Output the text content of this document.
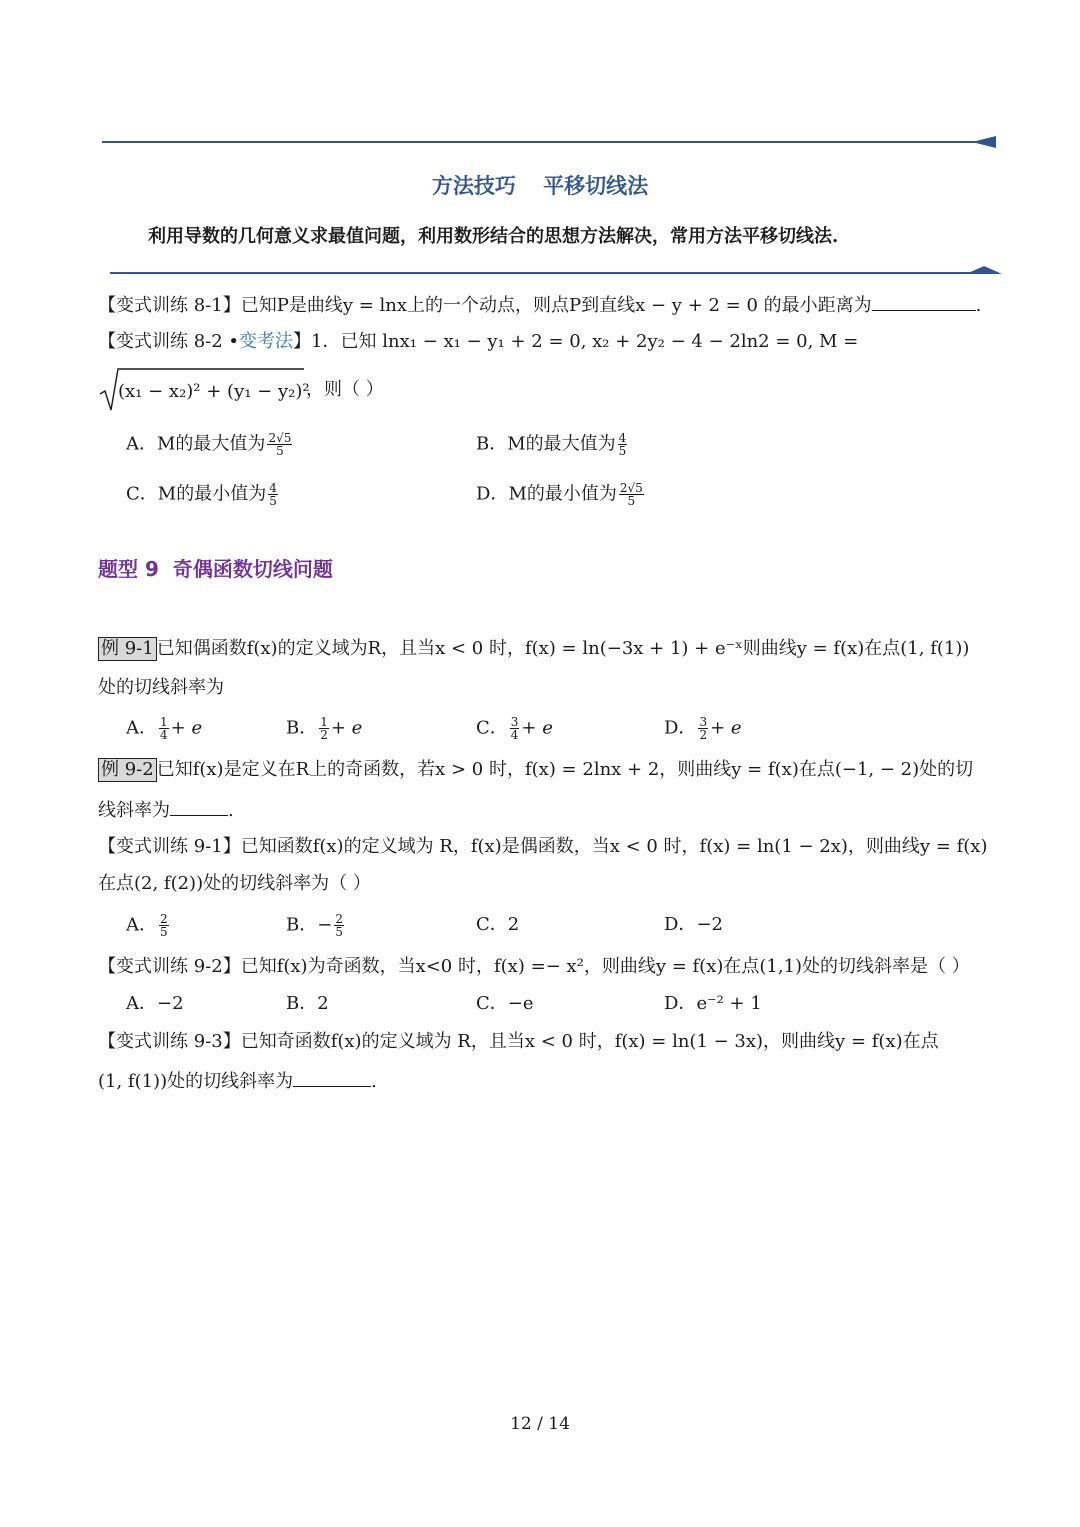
方法技巧 平移切线法
利用导数的几何意义求最值问题，利用数形结合的思想方法解决，常用方法平移切线法.
【变式训练 8-1】已知P是曲线y = lnx上的一个动点，则点P到直线x − y + 2 = 0 的最小距离为	.
【变式训练 8-2 •变考法】1．已知 lnx₁ − x₁ − y₁ + 2 = 0, x₂ + 2y₂ − 4 − 2ln2 = 0, M =
(x₁ − x₂)² + (y₁ − y₂)²
，则（ ）
A．M的最大值为 $\frac{2√5}{5}$	B．M的最大值为 $\frac{4}{5}$
C．M的最小值为 $\frac{4}{5}$	D．M的最小值为 $\frac{2√5}{5}$
题型 9 奇偶函数切线问题
例 9-1 已知偶函数f(x)的定义域为R，且当x < 0 时，f(x) = ln(−3x + 1) + e⁻ˣ则曲线y = f(x)在点(1, f(1))
处的切线斜率为
A． $\frac{1}{4} + e$	B． $\frac{1}{2} + e$	C． $\frac{3}{4} + e$	D． $\frac{3}{2} + e$
例 9-2 已知f(x)是定义在R上的奇函数，若x > 0 时，f(x) = 2lnx + 2，则曲线y = f(x)在点(−1, − 2)处的切
线斜率为	.
【变式训练 9-1】已知函数f(x)的定义域为 R，f(x)是偶函数，当x < 0 时，f(x) = ln(1 − 2x)，则曲线y = f(x)
在点(2, f(2))处的切线斜率为（ ）
A． $\frac{2}{5}$	B．− $\frac{2}{5}$	C．2	D．−2
【变式训练 9-2】已知f(x)为奇函数，当x<0 时，f(x) =− x²，则曲线y = f(x)在点(1,1)处的切线斜率是（ ）
A．−2	B．2	C．−e	D．e⁻² + 1
【变式训练 9-3】已知奇函数f(x)的定义域为 R，且当x < 0 时，f(x) = ln(1 − 3x)，则曲线y = f(x)在点
(1, f(1))处的切线斜率为	.
12 / 14
